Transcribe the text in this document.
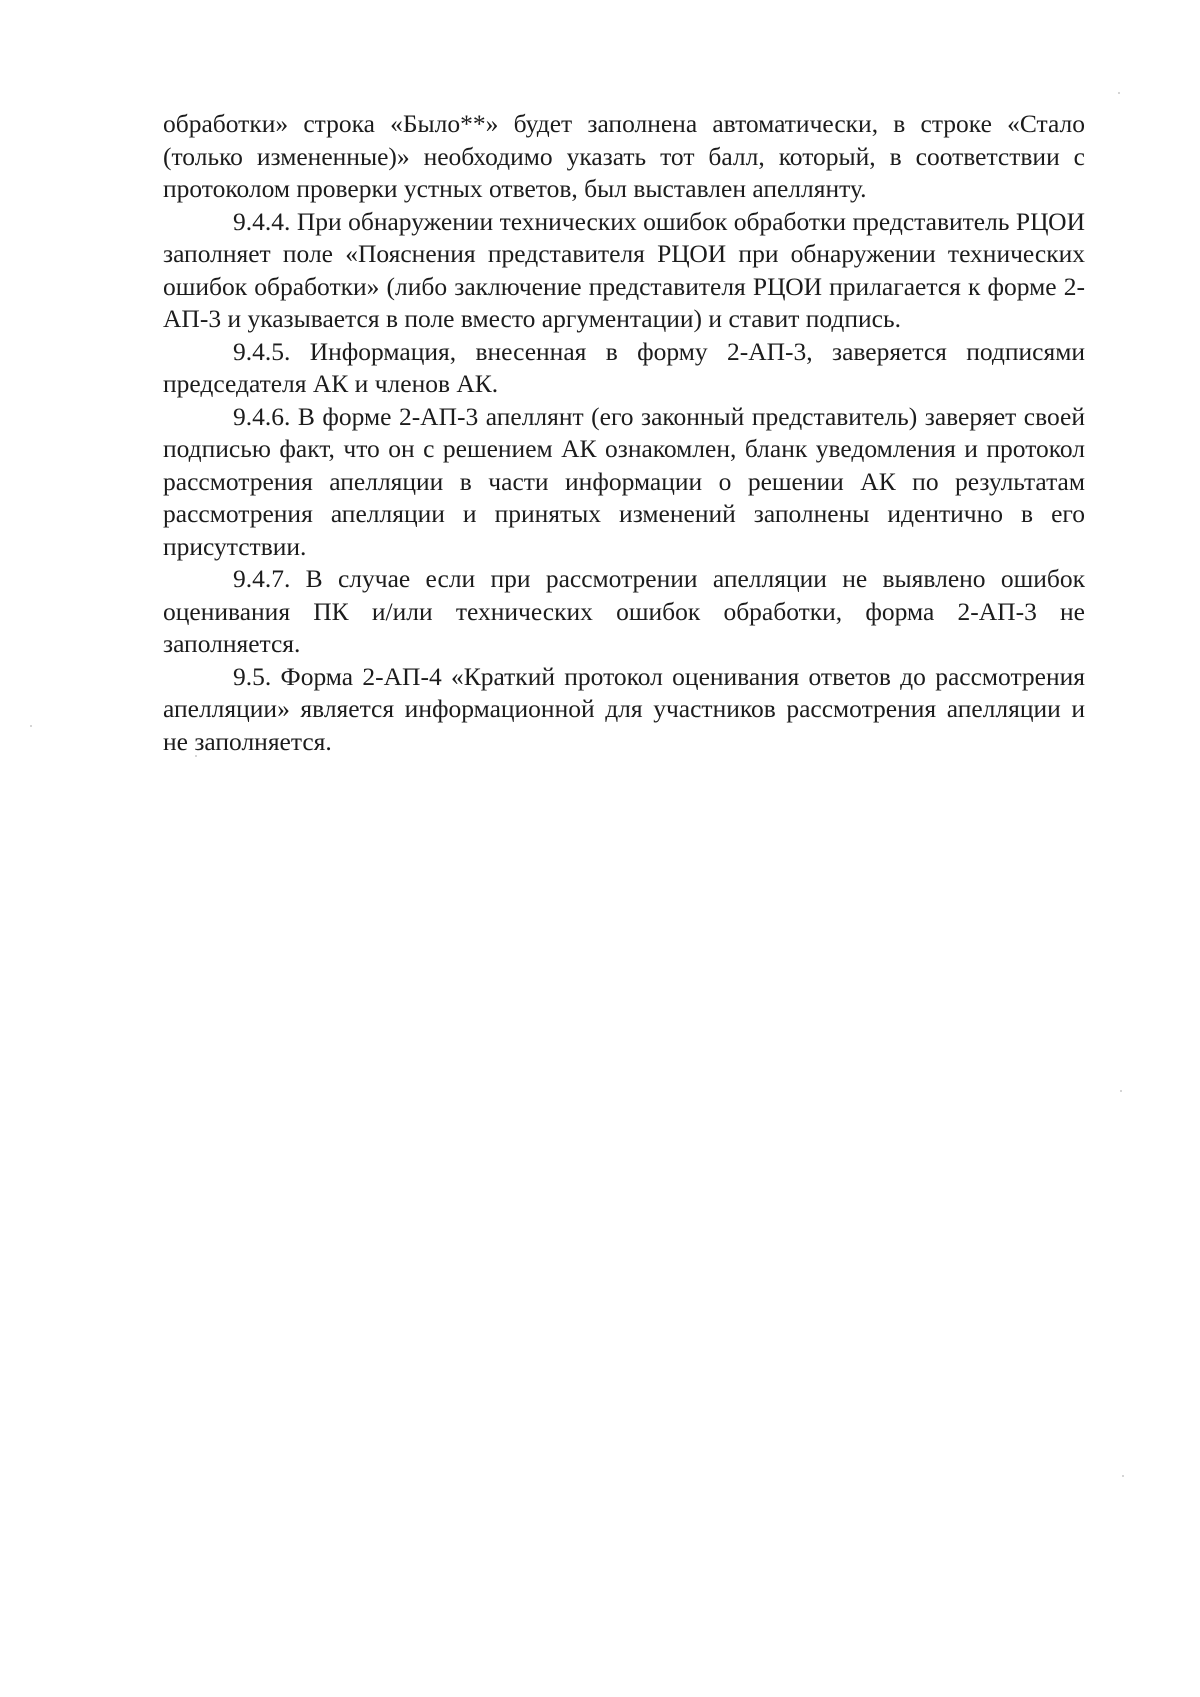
обработки» строка «Было**» будет заполнена автоматически, в строке «Стало (только измененные)» необходимо указать тот балл, который, в соответствии с протоколом проверки устных ответов, был выставлен апеллянту.

9.4.4. При обнаружении технических ошибок обработки представитель РЦОИ заполняет поле «Пояснения представителя РЦОИ при обнаружении технических ошибок обработки» (либо заключение представителя РЦОИ прилагается к форме 2-АП-3 и указывается в поле вместо аргументации) и ставит подпись.

9.4.5. Информация, внесенная в форму 2-АП-3, заверяется подписями председателя АК и членов АК.

9.4.6. В форме 2-АП-3 апеллянт (его законный представитель) заверяет своей подписью факт, что он с решением АК ознакомлен, бланк уведомления и протокол рассмотрения апелляции в части информации о решении АК по результатам рассмотрения апелляции и принятых изменений заполнены идентично в его присутствии.

9.4.7. В случае если при рассмотрении апелляции не выявлено ошибок оценивания ПК и/или технических ошибок обработки, форма 2-АП-3 не заполняется.

9.5. Форма 2-АП-4 «Краткий протокол оценивания ответов до рассмотрения апелляции» является информационной для участников рассмотрения апелляции и не заполняется.
